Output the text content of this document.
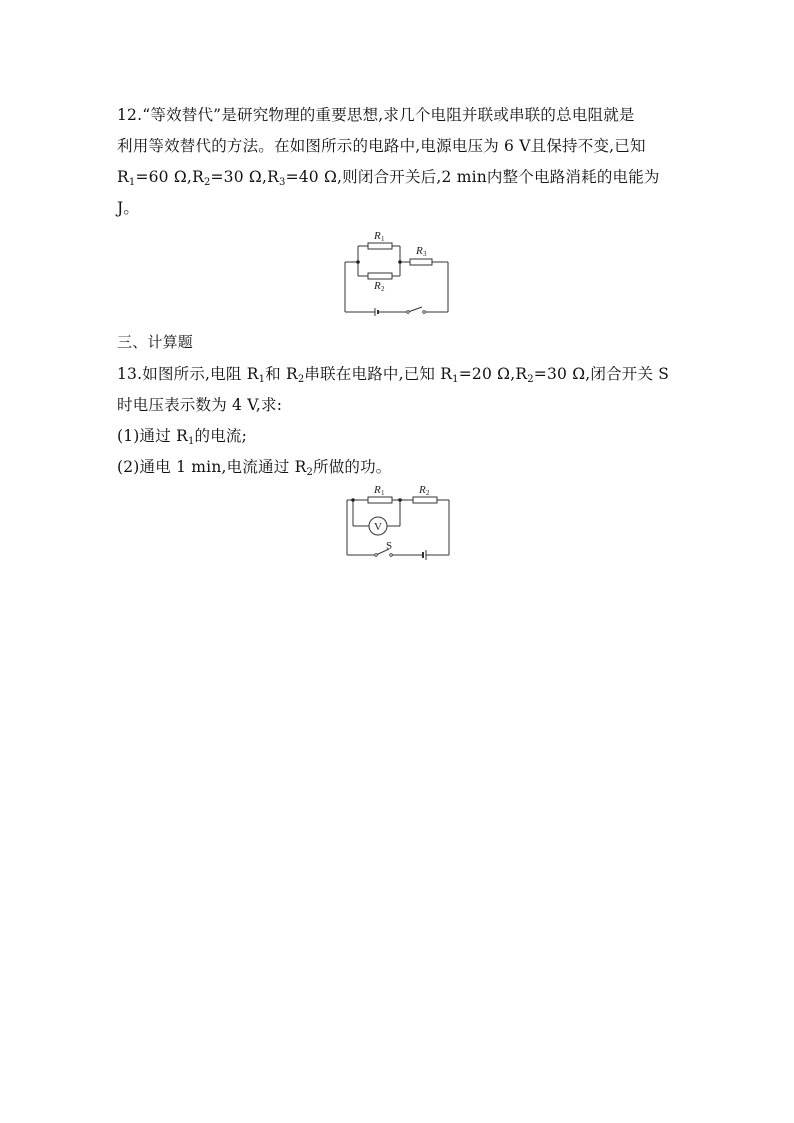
12.“等效替代”是研究物理的重要思想,求几个电阻并联或串联的总电阻就是
利用等效替代的方法。在如图所示的电路中,电源电压为 6 V且保持不变,已知
$R_1=60$ $\Omega,R_2=30$ $\Omega,R_3=40$ Ω,则闭合开关后,2 min内整个电路消耗的电能为
J。
R 1
R 2
R 3
三、计算题
13.如图所示,电阻 $R_1$和 $R_2$串联在电路中,已知 $R_1=20$ $\Omega,R_2=30$ Ω,闭合开关 S
时电压表示数为 4 V,求:
(1)通过 $R_1$的电流;
(2)通电 1 min,电流通过 $R_2$所做的功。
R 1	R 2
V
S
